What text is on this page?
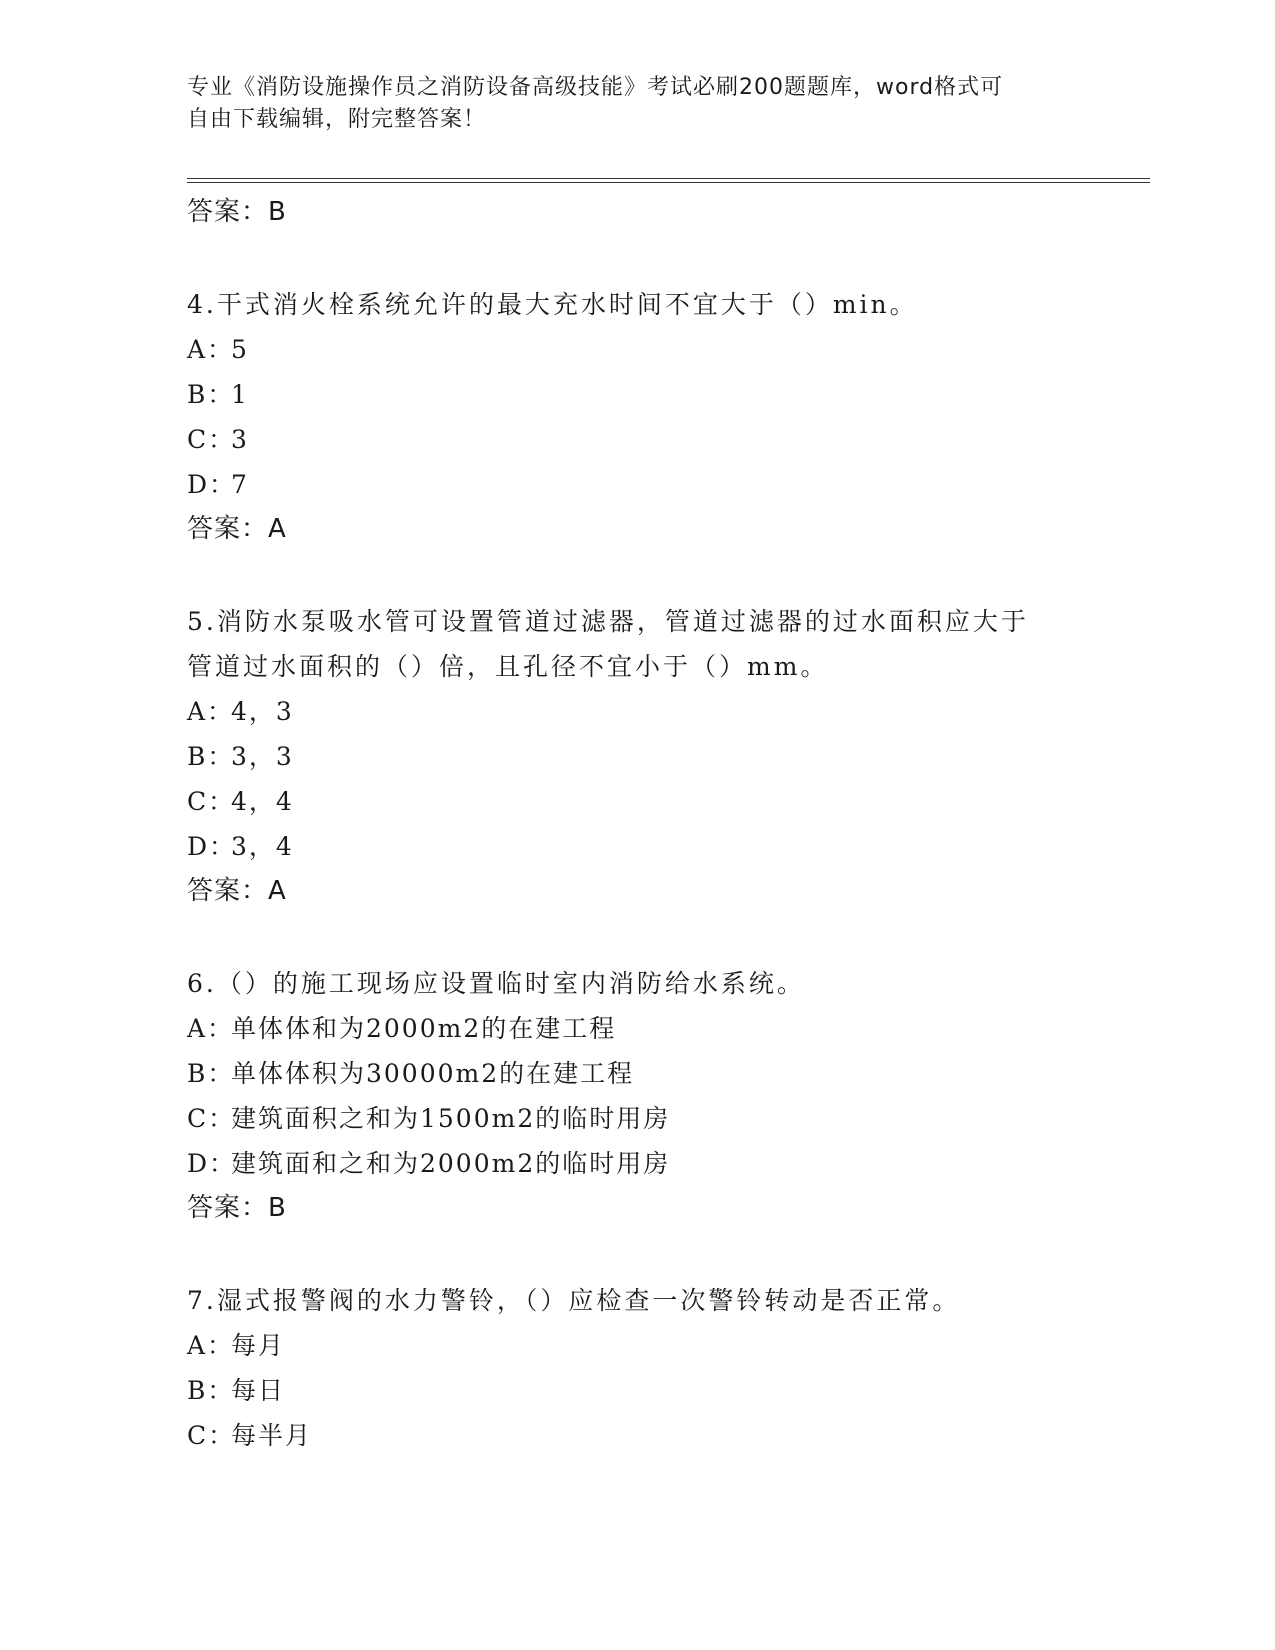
专业《消防设施操作员之消防设备高级技能》考试必刷200题题库，word格式可
自由下载编辑，附完整答案！
答案：B
4.干式消火栓系统允许的最大充水时间不宜大于（）min。
A：
5
B：
1
C：
3
D：
7
答案：A
5.消防水泵吸水管可设置管道过滤器，管道过滤器的过水面积应大于管道过水面积的（）倍，且孔径不宜小于（）mm。
A：
4，3
B：
3，3
C：
4，4
D：
3，4
答案：A
6.（）的施工现场应设置临时室内消防给水系统。
A：
单体体和为2000m2的在建工程
B：
单体体积为30000m2的在建工程
C：
建筑面积之和为1500m2的临时用房
D：
建筑面和之和为2000m2的临时用房
答案：B
7.湿式报警阀的水力警铃，（）应检查一次警铃转动是否正常。
A：
每月
B：
每日
C：
每半月
